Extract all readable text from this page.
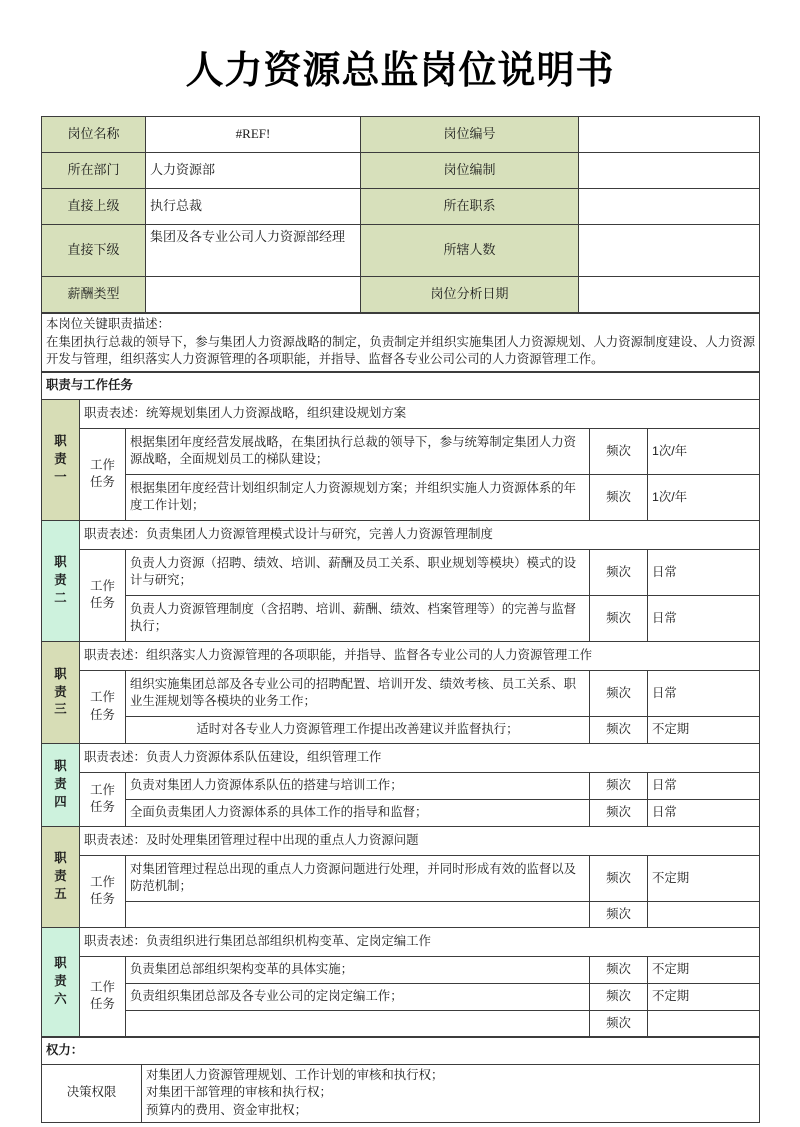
人力资源总监岗位说明书
岗位名称	#REF!	岗位编号	
所在部门	人力资源部	岗位编制	
直接上级	执行总裁	所在职系	
直接下级	集团及各专业公司人力资源部经理	所辖人数	
薪酬类型		岗位分析日期	
本岗位关键职责描述：
在集团执行总裁的领导下，参与集团人力资源战略的制定，负责制定并组织实施集团人力资源规划、人力资源制度建设、人力资源开发与管理，组织落实人力资源管理的各项职能，并指导、监督各专业公司公司的人力资源管理工作。
职责与工作任务				

职
责
一	职责表述：统筹规划集团人力资源战略，组织建设规划方案			

	工作
任务	根据集团年度经营发展战略，在集团执行总裁的领导下，参与统筹制定集团人力资源战略，全面规划员工的梯队建设；	频次	1次/年
		根据集团年度经营计划组织制定人力资源规划方案；并组织实施人力资源体系的年度工作计划；	频次	1次/年

职
责
二	职责表述：负责集团人力资源管理模式设计与研究，完善人力资源管理制度			

	工作
任务	负责人力资源（招聘、绩效、培训、薪酬及员工关系、职业规划等模块）模式的设计与研究；	频次	日常
		负责人力资源管理制度（含招聘、培训、薪酬、绩效、档案管理等）的完善与监督执行；	频次	日常

职
责
三	职责表述：组织落实人力资源管理的各项职能，并指导、监督各专业公司的人力资源管理工作			

	工作
任务	组织实施集团总部及各专业公司的招聘配置、培训开发、绩效考核、员工关系、职业生涯规划等各模块的业务工作；	频次	日常
		适时对各专业人力资源管理工作提出改善建议并监督执行；	频次	不定期

职
责
四	职责表述：负责人力资源体系队伍建设，组织管理工作			

	工作
任务	负责对集团人力资源体系队伍的搭建与培训工作；	频次	日常
		全面负责集团人力资源体系的具体工作的指导和监督；	频次	日常

职
责
五	职责表述：及时处理集团管理过程中出现的重点人力资源问题			

	工作
任务	对集团管理过程总出现的重点人力资源问题进行处理，并同时形成有效的监督以及防范机制；	频次	不定期
			频次	

职
责
六	职责表述：负责组织进行集团总部组织机构变革、定岗定编工作			

	工作
任务	负责集团总部组织架构变革的具体实施；	频次	不定期
		负责组织集团总部及各专业公司的定岗定编工作；	频次	不定期
			频次	
权力：
决策权限	
对集团人力资源管理规划、工作计划的审核和执行权；
对集团干部管理的审核和执行权；
预算内的费用、资金审批权；
